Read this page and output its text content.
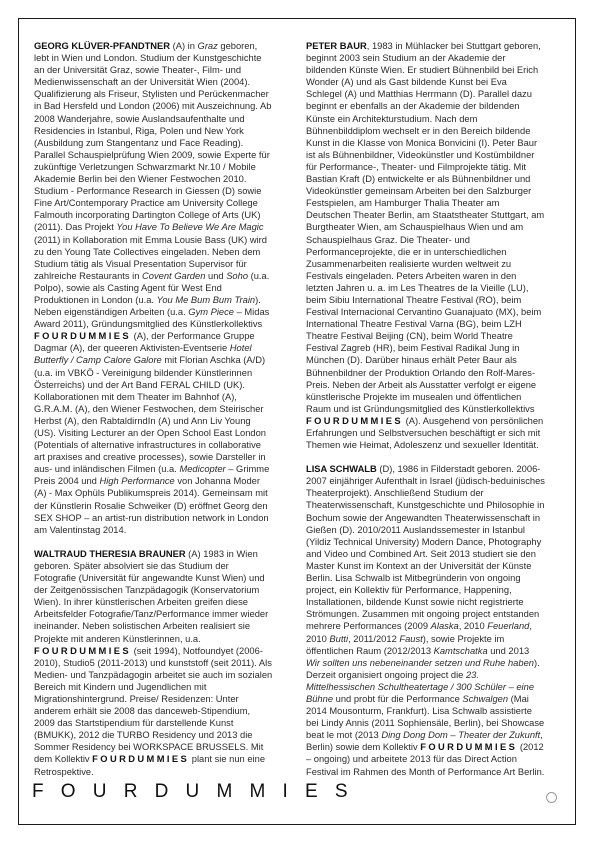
GEORG KLÜVER-PFANDTNER (A) in Graz geboren, lebt in Wien und London. Studium der Kunstgeschichte an der Universität Graz, sowie Theater-, Film- und Medienwissenschaft an der Universität Wien (2004). Qualifizierung als Friseur, Stylisten und Perückenmacher in Bad Hersfeld und London (2006) mit Auszeichnung. Ab 2008 Wanderjahre, sowie Auslandsaufenthalte und Residencies in Istanbul, Riga, Polen und New York (Ausbildung zum Stangentanz und Face Reading). Parallel Schauspielprüfung Wien 2009, sowie Experte für zukünftige Verletzungen Schwarzmarkt Nr.10 / Mobile Akademie Berlin bei den Wiener Festwochen 2010. Studium - Performance Research in Giessen (D) sowie Fine Art/Contemporary Practice am University College Falmouth incorporating Dartington College of Arts (UK) (2011). Das Projekt You Have To Believe We Are Magic (2011) in Kollaboration mit Emma Lousie Bass (UK) wird zu den Young Tate Collectives eingeladen. Neben dem Studium tätig als Visual Presentation Supervisor für zahlreiche Restaurants in Covent Garden und Soho (u.a. Polpo), sowie als Casting Agent für West End Produktionen in London (u.a. You Me Bum Bum Train). Neben eigenständigen Arbeiten (u.a. Gym Piece – Midas Award 2011), Gründungsmitglied des Künstlerkollektivs
FOURDUMMIES (A), der Performance Gruppe Dagmar (A), der queeren Aktivisten-Eventserie Hotel Butterfly / Camp Calore Galore mit Florian Aschka (A/D) (u.a. im VBKÖ - Vereinigung bildender Künstlerinnen Österreichs) und der Art Band FERAL CHILD (UK). Kollaborationen mit dem Theater im Bahnhof (A), G.R.A.M. (A), den Wiener Festwochen, dem Steirischer Herbst (A), den RabtaldirndIn (A) und Ann Liv Young (US). Visiting Lecturer an der Open School East London (Potentials of alternative infrastructures in collaborative art praxises and creative processes), sowie Darsteller in aus- und inländischen Filmen (u.a. Medicopter – Grimme Preis 2004 und High Performance von Johanna Moder (A) - Max Ophüls Publikumspreis 2014). Gemeinsam mit der Künstlerin Rosalie Schweiker (D) eröffnet Georg den SEX SHOP – an artist-run distribution network in London am Valentinstag 2014.

WALTRAUD THERESIA BRAUNER (A) 1983 in Wien geboren. Später absolviert sie das Studium der Fotografie (Universität für angewandte Kunst Wien) und der Zeitgenössischen Tanzpädagogik (Konservatorium Wien). In ihrer künstlerischen Arbeiten greifen diese Arbeitsfelder Fotografie/Tanz/Performance immer wieder ineinander. Neben solistischen Arbeiten realisiert sie Projekte mit anderen Künstlerinnen, u.a. FOURDUMMIES (seit 1994), Notfoundyet (2006-2010), Studio5 (2011-2013) und kunststoff (seit 2011). Als Medien- und Tanzpädagogin arbeitet sie auch im sozialen Bereich mit Kindern und Jugendlichen mit Migrationshintergrund. Preise/ Residenzen: Unter anderem erhält sie 2008 das danceweb-Stipendium, 2009 das Startstipendium für darstellende Kunst (BMUKK), 2012 die TURBO Residency und 2013 die Sommer Residency bei WORKSPACE BRUSSELS. Mit dem Kollektiv FOURDUMMIES plant sie nun eine Retrospektive.

PETER BAUR, 1983 in Mühlacker bei Stuttgart geboren, beginnt 2003 sein Studium an der Akademie der bildenden Künste Wien. Er studiert Bühnenbild bei Erich Wonder (A) und als Gast bildende Kunst bei Eva Schlegel (A) und Matthias Herrmann (D). Parallel dazu beginnt er ebenfalls an der Akademie der bildenden Künste ein Architekturstudium. Nach dem Bühnenbilddiplom wechselt er in den Bereich bildende Kunst in die Klasse von Monica Bonvicini (I). Peter Baur ist als Bühnenbildner, Videokünstler und Kostümbildner für Performance-, Theater- und Filmprojekte tätig. Mit Bastian Kraft (D) entwickelte er als Bühnenbildner und Videokünstler gemeinsam Arbeiten bei den Salzburger Festspielen, am Hamburger Thalia Theater am Deutschen Theater Berlin, am Staatstheater Stuttgart, am Burgtheater Wien, am Schauspielhaus Wien und am Schauspielhaus Graz. Die Theater- und Performanceprojekte, die er in unterschiedlichen Zusammenarbeiten realisierte wurden weltweit zu Festivals eingeladen. Peters Arbeiten waren in den letzten Jahren u. a. im Les Theatres de la Vieille (LU), beim Sibiu International Theatre Festival (RO), beim Festival Internacional Cervantino Guanajuato (MX), beim International Theatre Festival Varna (BG), beim LZH Theatre Festival Beijing (CN), beim World Theatre Festival Zagreb (HR), beim Festival Radikal Jung in München (D). Darüber hinaus erhält Peter Baur als Bühnenbildner der Produktion Orlando den Rolf-Mares-Preis. Neben der Arbeit als Ausstatter verfolgt er eigene künstlerische Projekte im musealen und öffentlichen Raum und ist Gründungsmitglied des Künstlerkollektivs
FOURDUMMIES (A). Ausgehend von persönlichen Erfahrungen und Selbstversuchen beschäftigt er sich mit Themen wie Heimat, Adoleszenz und sexueller Identität.

LISA SCHWALB (D), 1986 in Filderstadt geboren. 2006-2007 einjähriger Aufenthalt in Israel (jüdisch-beduinisches Theaterprojekt). Anschließend Studium der Theaterwissenschaft, Kunstgeschichte und Philosophie in Bochum sowie der Angewandten Theaterwissenschaft in Gießen (D). 2010/2011 Auslandssemester in Istanbul (Yildiz Technical University) Modern Dance, Photography and Video und Combined Art. Seit 2013 studiert sie den Master Kunst im Kontext an der Universität der Künste Berlin. Lisa Schwalb ist Mitbegründerin von ongoing project, ein Kollektiv für Performance, Happening, Installationen, bildende Kunst sowie nicht registrierte Strömungen. Zusammen mit ongoing project entstanden mehrere Performances (2009 Alaska, 2010 Feuerland, 2010 Butti, 2011/2012 Faust), sowie Projekte im öffentlichen Raum (2012/2013 Kamtschatka und 2013 Wir sollten uns nebeneinander setzen und Ruhe haben). Derzeit organisiert ongoing project die 23. Mittelhessischen Schultheatertage / 300 Schüler – eine Bühne und probt für die Performance Schwalgen (Mai 2014 Mousonturm, Frankfurt). Lisa Schwalb assistierte bei Lindy Annis (2011 Sophiensäle, Berlin), bei Showcase beat le mot (2013 Ding Dong Dom – Theater der Zukunft, Berlin) sowie dem Kollektiv FOURDUMMIES (2012 – ongoing) und arbeitete 2013 für das Direct Action Festival im Rahmen des Month of Performance Art Berlin.

FOURDUMMIES
